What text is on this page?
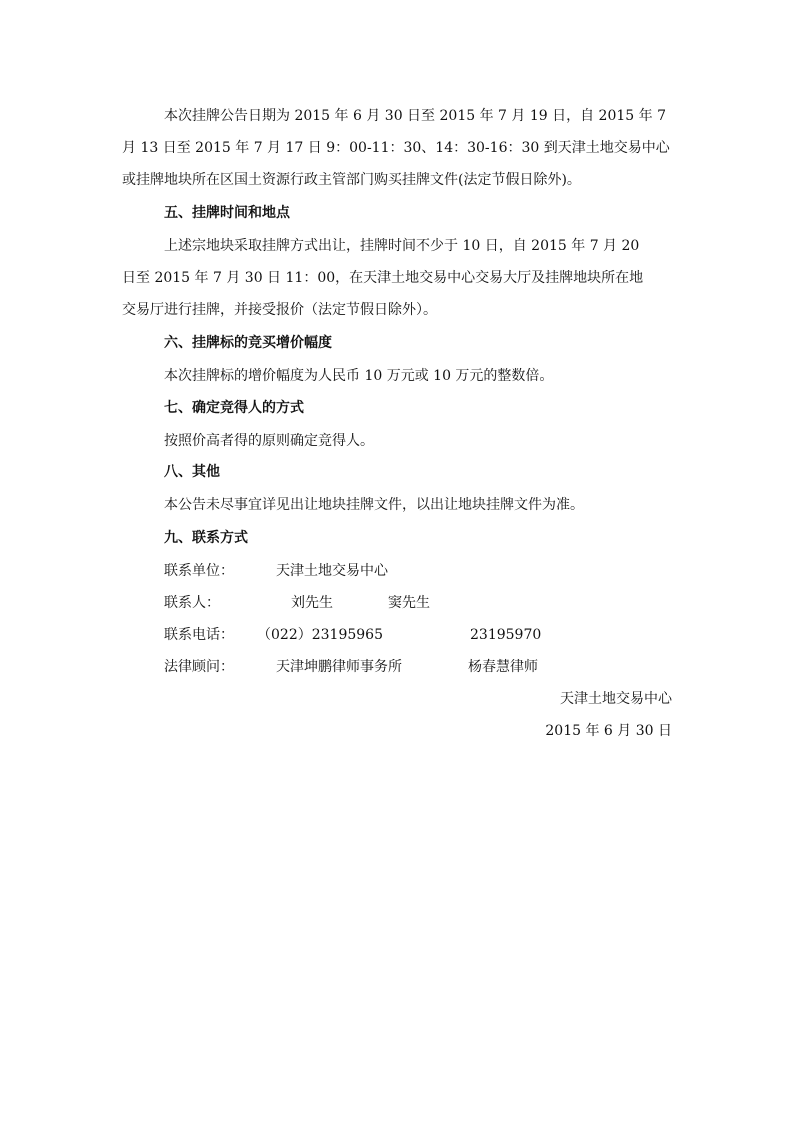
本次挂牌公告日期为 2015 年 6 月 30 日至 2015 年 7 月 19 日，自 2015 年 7
月 13 日至 2015 年 7 月 17 日 9：00-11：30、14：30-16：30 到天津土地交易中心
或挂牌地块所在区国土资源行政主管部门购买挂牌文件(法定节假日除外)。
五、挂牌时间和地点
上述宗地块采取挂牌方式出让，挂牌时间不少于 10 日，自 2015 年 7 月 20
日至 2015 年 7 月 30 日 11：00，在天津土地交易中心交易大厅及挂牌地块所在地
交易厅进行挂牌，并接受报价（法定节假日除外）。
六、挂牌标的竞买增价幅度
本次挂牌标的增价幅度为人民币 10 万元或 10 万元的整数倍。
七、确定竞得人的方式
按照价高者得的原则确定竞得人。
八、其他
本公告未尽事宜详见出让地块挂牌文件，以出让地块挂牌文件为准。
九、联系方式
联系单位：	天津土地交易中心
联系人：	刘先生	窦先生
联系电话： （022）23195965	23195970
法律顾问：	天津坤鹏律师事务所	杨春慧律师
天津土地交易中心
2015 年 6 月 30 日
